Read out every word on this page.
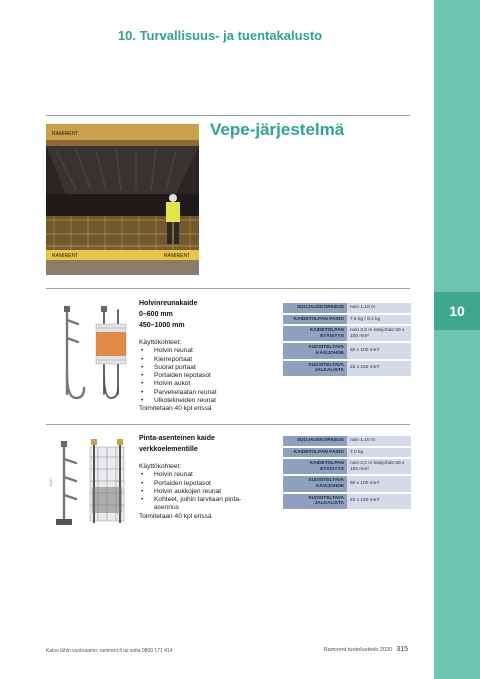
10
10. Turvallisuus- ja tuentakalusto
RAMIRENT
RAMIRENT	RAMIRENT
Vepe-järjestelmä
Holvinreunakaide
0–600 mm
450–1000 mm
Käyttökohteet:
• Holvin reunat
• Kierreportaat
• Suorat portaat
• Portaiden lepotasot
• Holvin aukot
• Parvekelaatan reunat
• Ulkotelineiden reunat
Toimitetaan 40 kpl erissä
SUOJAUSKORKEUS	noin 1,10 m
KAIDETOLPAN PAINO	7,5 kg / 8,1 kg
KAIDETOLPAN ETÄISYYS	noin 2,0 m käsijohde 50 x 100 mm²
SUOSITELTAVA KÄSIJOHDE	50 x 100 mm²
SUOSITELTAVA JALKALISTA	22 x 150 mm²
1100
Pinta-asenteinen kaide
verkkoelementille
Käyttökohteet:
• Holvin reunat
• Portaiden lepotasot
• Holvin aukkojen reunat
• Kohteet, joihin tarvitaan pinta-asennus
Toimitetaan 40 kpl erissä
SUOJAUSKORKEUS	noin 1,10 m
KAIDETOLPAN PAINO	7,0 kg
KAIDETOLPAN ETÄISYYS	noin 2,0 m käsijohde 50 x 100 mm²
SUOSITELTAVA KÄSIJOHDE	50 x 100 mm²
SUOSITELTAVA JALKALISTA	22 x 150 mm²
Katso lähin vuokraamo: ramirent.fi tai soita 0800 171 414	Ramirent tuoteluettelo 2020 315
